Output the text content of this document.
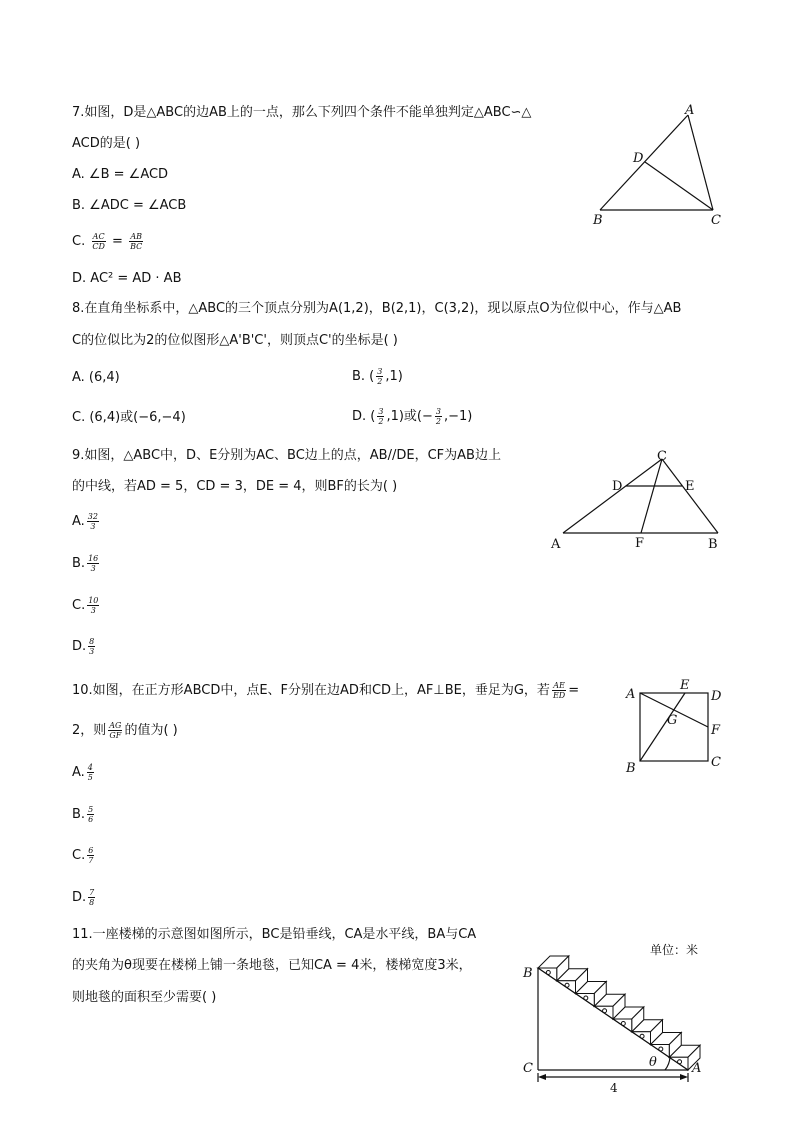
7.如图，D是△ABC的边AB上的一点，那么下列四个条件不能单独判定△ABC∽△
ACD的是( )
A. ∠B = ∠ACD
B. ∠ADC = ∠ACB
C. $\frac{AC}{CD} = \frac{AB}{BC}$
D. AC² = AD · AB
A
B	C
D
8.在直角坐标系中，△ABC的三个顶点分别为A(1,2)，B(2,1)，C(3,2)，现以原点O为位似中心，作与△AB
C的位似比为2的位似图形△A'B'C'，则顶点C'的坐标是( )
A. (6,4)	B. ( $\frac{3}{2} ,1$)
C. (6,4)或(−6,−4)	D. ( $\frac{3}{2} ,1$)或(− $\frac{3}{2} ,-1$)
9.如图，△ABC中，D、E分别为AC、BC边上的点，AB//DE，CF为AB边上
的中线，若AD = 5，CD = 3，DE = 4，则BF的长为( )
A. $\frac{32}{3}$
B. $\frac{16}{3}$
C. $\frac{10}{3}$
D. $\frac{8}{3}$
C
D	E
A	F	B
10.如图，在正方形ABCD中，点E、F分别在边AD和CD上，AF⊥BE，垂足为G，若 $\frac{AE}{ED}$ =
2，则 $\frac{AG}{GF}$ 的值为( )
A. $\frac{4}{5}$
B. $\frac{5}{6}$
C. $\frac{6}{7}$
D. $\frac{7}{8}$
A
E
D
G
F
B	C
11.一座楼梯的示意图如图所示，BC是铅垂线，CA是水平线，BA与CA
的夹角为θ现要在楼梯上铺一条地毯，已知CA = 4米，楼梯宽度3米，
则地毯的面积至少需要( )
单位：米
B
C	A
θ
4
